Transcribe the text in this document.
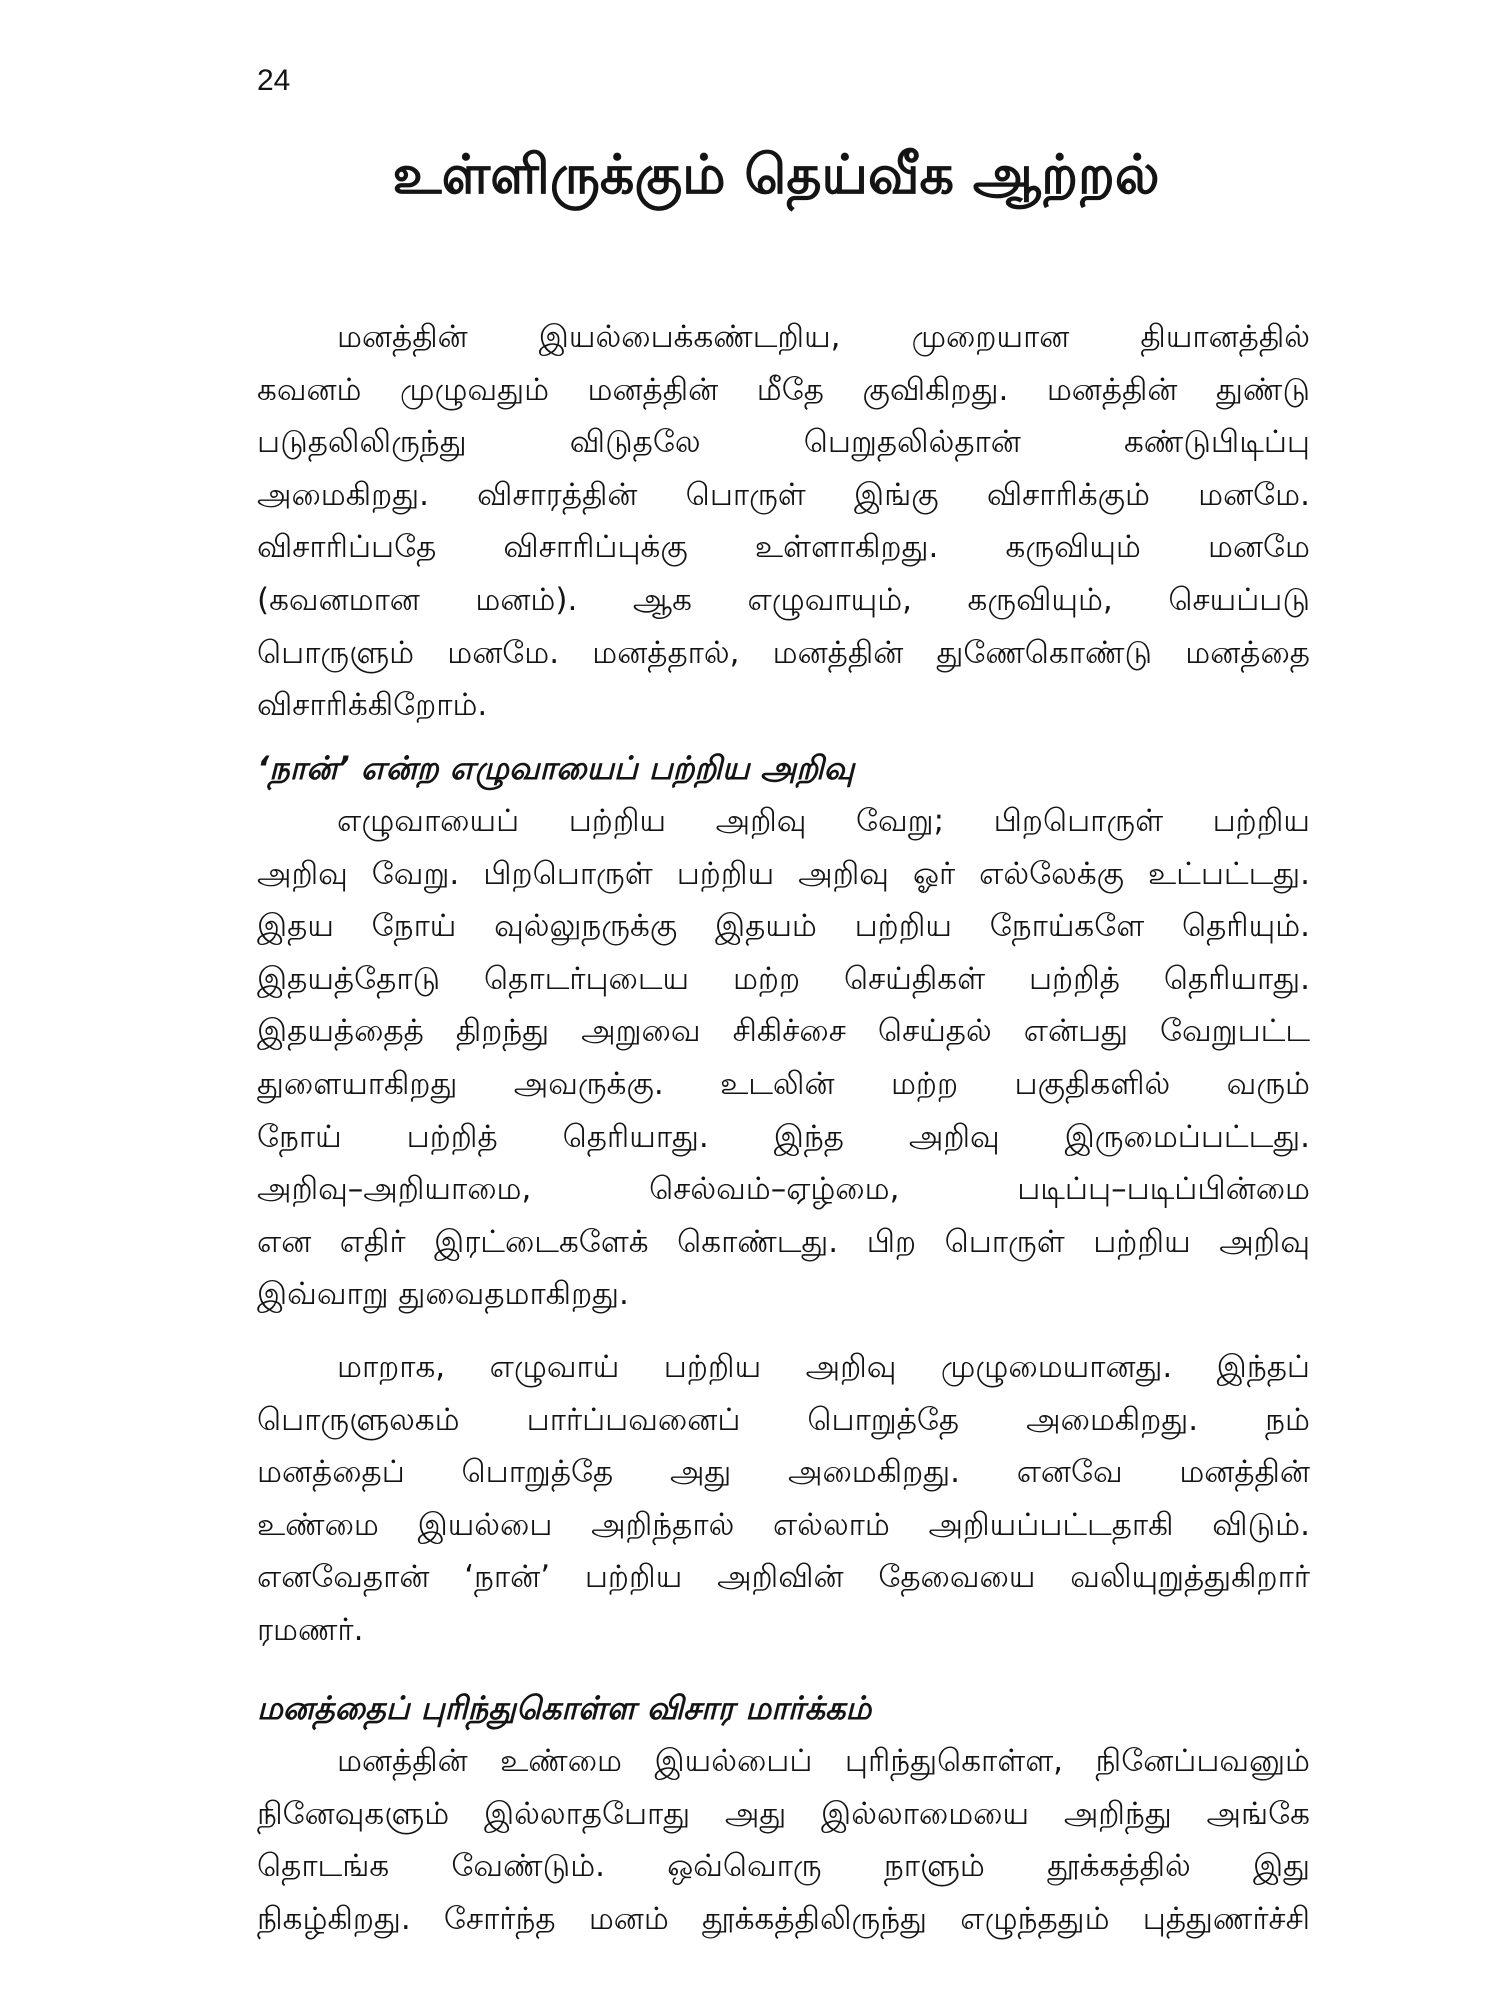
24
உள்ளிருக்கும் தெய்வீக ஆற்றல்
மனத்தின் இயல்பைக்கண்டறிய, முறையான தியானத்தில்
கவனம் முழுவதும் மனத்தின் மீதே குவிகிறது. மனத்தின் துண்டு
படுதலிலிருந்து விடுதலே பெறுதலில்தான் கண்டுபிடிப்பு
அமைகிறது. விசாரத்தின் பொருள் இங்கு விசாரிக்கும் மனமே.
விசாரிப்பதே விசாரிப்புக்கு உள்ளாகிறது. கருவியும் மனமே
(கவனமான மனம்). ஆக எழுவாயும், கருவியும், செயப்படு
பொருளும் மனமே. மனத்தால், மனத்தின் துணேகொண்டு மனத்தை
விசாரிக்கிறோம்.
‘நான்’ என்ற எழுவாயைப் பற்றிய அறிவு
எழுவாயைப் பற்றிய அறிவு வேறு; பிறபொருள் பற்றிய
அறிவு வேறு. பிறபொருள் பற்றிய அறிவு ஓர் எல்லேக்கு உட்பட்டது.
இதய நோய் வுல்லுநருக்கு இதயம் பற்றிய நோய்களே தெரியும்.
இதயத்தோடு தொடர்புடைய மற்ற செய்திகள் பற்றித் தெரியாது.
இதயத்தைத் திறந்து அறுவை சிகிச்சை செய்தல் என்பது வேறுபட்ட
துளையாகிறது அவருக்கு. உடலின் மற்ற பகுதிகளில் வரும்
நோய் பற்றித் தெரியாது. இந்த அறிவு இருமைப்பட்டது.
அறிவு–அறியாமை, செல்வம்–ஏழ்மை, படிப்பு–படிப்பின்மை
என எதிர் இரட்டைகளேக் கொண்டது. பிற பொருள் பற்றிய அறிவு
இவ்வாறு துவைதமாகிறது.
மாறாக, எழுவாய் பற்றிய அறிவு முழுமையானது. இந்தப்
பொருளுலகம் பார்ப்பவனைப் பொறுத்தே அமைகிறது. நம்
மனத்தைப் பொறுத்தே அது அமைகிறது. எனவே மனத்தின்
உண்மை இயல்பை அறிந்தால் எல்லாம் அறியப்பட்டதாகி விடும்.
எனவேதான் ‘நான்’ பற்றிய அறிவின் தேவையை வலியுறுத்துகிறார்
ரமணர்.
மனத்தைப் புரிந்துகொள்ள விசார மார்க்கம்
மனத்தின் உண்மை இயல்பைப் புரிந்துகொள்ள, நினேப்பவனும்
நினேவுகளும் இல்லாதபோது அது இல்லாமையை அறிந்து அங்கே
தொடங்க வேண்டும். ஒவ்வொரு நாளும் தூக்கத்தில் இது
நிகழ்கிறது. சோர்ந்த மனம் தூக்கத்திலிருந்து எழுந்ததும் புத்துணர்ச்சி
